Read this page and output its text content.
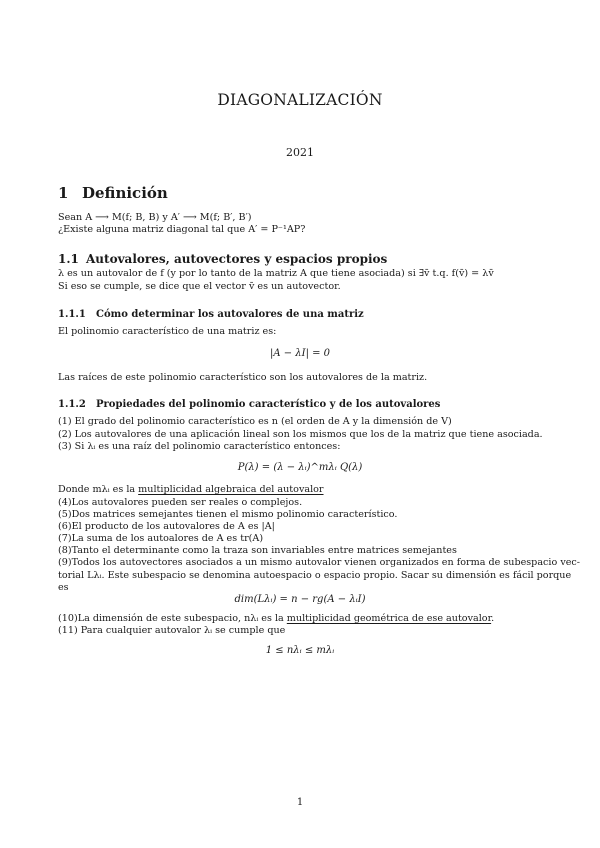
DIAGONALIZACIÓN
2021
1 Definición
Sean A ⟶ M(f; B, B) y A′ ⟶ M(f; B′, B′)
¿Existe alguna matriz diagonal tal que A′ = P⁻¹AP?
1.1 Autovalores, autovectores y espacios propios
λ es un autovalor de f (y por lo tanto de la matriz A que tiene asociada) si ∃v̄ t.q. f(v̄) = λv̄
Si eso se cumple, se dice que el vector v̄ es un autovector.
1.1.1 Cómo determinar los autovalores de una matriz
El polinomio característico de una matriz es:
|A − λI| = 0
Las raíces de este polinomio característico son los autovalores de la matriz.
1.1.2 Propiedades del polinomio característico y de los autovalores
(1) El grado del polinomio característico es n (el orden de A y la dimensión de V)
(2) Los autovalores de una aplicación lineal son los mismos que los de la matriz que tiene asociada.
(3) Si λᵢ es una raíz del polinomio característico entonces:
P(λ) = (λ − λᵢ)^mλᵢ Q(λ)
Donde mλᵢ es la multiplicidad algebraica del autovalor
(4)Los autovalores pueden ser reales o complejos.
(5)Dos matrices semejantes tienen el mismo polinomio característico.
(6)El producto de los autovalores de A es |A|
(7)La suma de los autoalores de A es tr(A)
(8)Tanto el determinante como la traza son invariables entre matrices semejantes
(9)Todos los autovectores asociados a un mismo autovalor vienen organizados en forma de subespacio vec-
torial Lλᵢ. Este subespacio se denomina autoespacio o espacio propio. Sacar su dimensión es fácil porque
es
dim(Lλᵢ) = n − rg(A − λᵢI)
(10)La dimensión de este subespacio, nλᵢ es la multiplicidad geométrica de ese autovalor.
(11) Para cualquier autovalor λᵢ se cumple que
1 ≤ nλᵢ ≤ mλᵢ
1
